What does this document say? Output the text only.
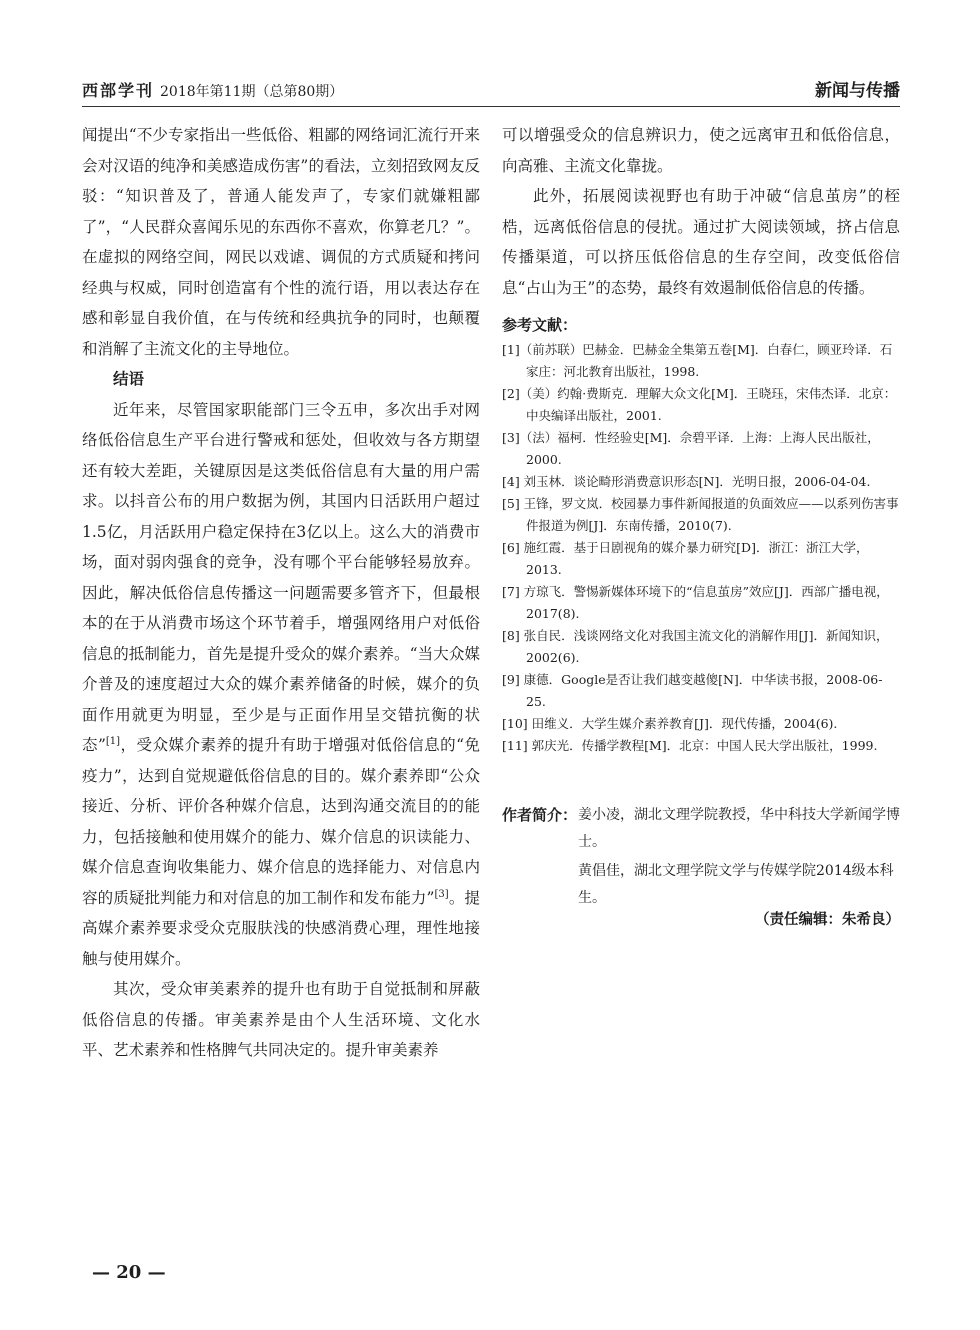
西部学刊 2018年第11期（总第80期）	新闻与传播

闻提出“不少专家指出一些低俗、粗鄙的网络词汇流行开来会对汉语的纯净和美感造成伤害”的看法，立刻招致网友反驳：“知识普及了，普通人能发声了，专家们就嫌粗鄙了”，“人民群众喜闻乐见的东西你不喜欢，你算老几？”。在虚拟的网络空间，网民以戏谑、调侃的方式质疑和拷问经典与权威，同时创造富有个性的流行语，用以表达存在感和彰显自我价值，在与传统和经典抗争的同时，也颠覆和消解了主流文化的主导地位。

结语

近年来，尽管国家职能部门三令五申，多次出手对网络低俗信息生产平台进行警戒和惩处，但收效与各方期望还有较大差距，关键原因是这类低俗信息有大量的用户需求。以抖音公布的用户数据为例，其国内日活跃用户超过1.5亿，月活跃用户稳定保持在3亿以上。这么大的消费市场，面对弱肉强食的竞争，没有哪个平台能够轻易放弃。因此，解决低俗信息传播这一问题需要多管齐下，但最根本的在于从消费市场这个环节着手，增强网络用户对低俗信息的抵制能力，首先是提升受众的媒介素养。“当大众媒介普及的速度超过大众的媒介素养储备的时候，媒介的负面作用就更为明显，至少是与正面作用呈交错抗衡的状态”[1]，受众媒介素养的提升有助于增强对低俗信息的“免疫力”，达到自觉规避低俗信息的目的。媒介素养即“公众接近、分析、评价各种媒介信息，达到沟通交流目的的能力，包括接触和使用媒介的能力、媒介信息的识读能力、媒介信息查询收集能力、媒介信息的选择能力、对信息内容的质疑批判能力和对信息的加工制作和发布能力”[3]。提高媒介素养要求受众克服肤浅的快感消费心理，理性地接触与使用媒介。

其次，受众审美素养的提升也有助于自觉抵制和屏蔽低俗信息的传播。审美素养是由个人生活环境、文化水平、艺术素养和性格脾气共同决定的。提升审美素养

可以增强受众的信息辨识力，使之远离审丑和低俗信息，向高雅、主流文化靠拢。

此外，拓展阅读视野也有助于冲破“信息茧房”的桎梏，远离低俗信息的侵扰。通过扩大阅读领域，挤占信息传播渠道，可以挤压低俗信息的生存空间，改变低俗信息“占山为王”的态势，最终有效遏制低俗信息的传播。

参考文献：
[1]（前苏联）巴赫金．巴赫金全集第五卷[M]．白春仁，顾亚玲译．石家庄：河北教育出版社，1998.
[2]（美）约翰·费斯克．理解大众文化[M]．王晓珏，宋伟杰译．北京：中央编译出版社，2001.
[3]（法）福柯．性经验史[M]．佘碧平译．上海：上海人民出版社，2000.
[4] 刘玉林．谈论畸形消费意识形态[N]．光明日报，2006-04-04.
[5] 王锋，罗文岚．校园暴力事件新闻报道的负面效应——以系列伤害事件报道为例[J]．东南传播，2010(7).
[6] 施红霞．基于日剧视角的媒介暴力研究[D]．浙江：浙江大学，2013.
[7] 方琼飞．警惕新媒体环境下的“信息茧房”效应[J]．西部广播电视，2017(8).
[8] 张自民．浅谈网络文化对我国主流文化的消解作用[J]．新闻知识，2002(6).
[9] 康德．Google是否让我们越变越傻[N]．中华读书报，2008-06-25.
[10] 田维义．大学生媒介素养教育[J]．现代传播，2004(6).
[11] 郭庆光．传播学教程[M]．北京：中国人民大学出版社，1999.
作者简介： 姜小凌，湖北文理学院教授，华中科技大学新闻学博士。
黄倡佳，湖北文理学院文学与传媒学院2014级本科生。
（责任编辑：朱希良）
— 20 —
